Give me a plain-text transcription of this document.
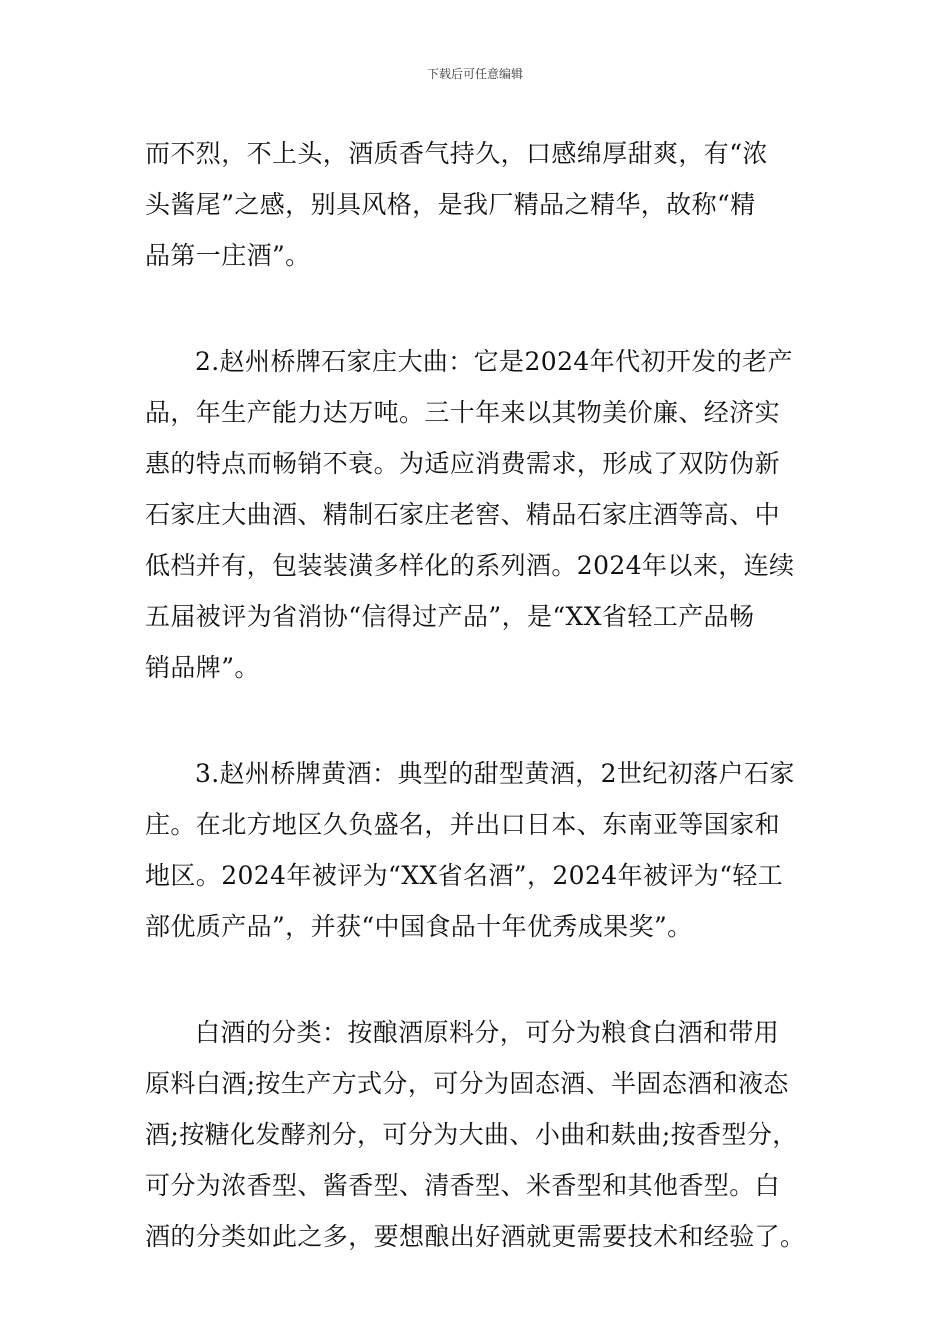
下载后可任意编辑
而不烈，不上头，酒质香气持久，口感绵厚甜爽，有“浓
头酱尾”之感，别具风格，是我厂精品之精华，故称“精
品第一庄酒”。
2.赵州桥牌石家庄大曲：它是2024年代初开发的老产
品，年生产能力达万吨。三十年来以其物美价廉、经济实
惠的特点而畅销不衰。为适应消费需求，形成了双防伪新
石家庄大曲酒、精制石家庄老窖、精品石家庄酒等高、中
低档并有，包装装潢多样化的系列酒。2024年以来，连续
五届被评为省消协“信得过产品”，是“XX省轻工产品畅
销品牌”。
3.赵州桥牌黄酒：典型的甜型黄酒，2世纪初落户石家
庄。在北方地区久负盛名，并出口日本、东南亚等国家和
地区。2024年被评为“XX省名酒”，2024年被评为“轻工
部优质产品”，并获“中国食品十年优秀成果奖”。
白酒的分类：按酿酒原料分，可分为粮食白酒和带用
原料白酒;按生产方式分，可分为固态酒、半固态酒和液态
酒;按糖化发酵剂分，可分为大曲、小曲和麸曲;按香型分，
可分为浓香型、酱香型、清香型、米香型和其他香型。白
酒的分类如此之多，要想酿出好酒就更需要技术和经验了。
